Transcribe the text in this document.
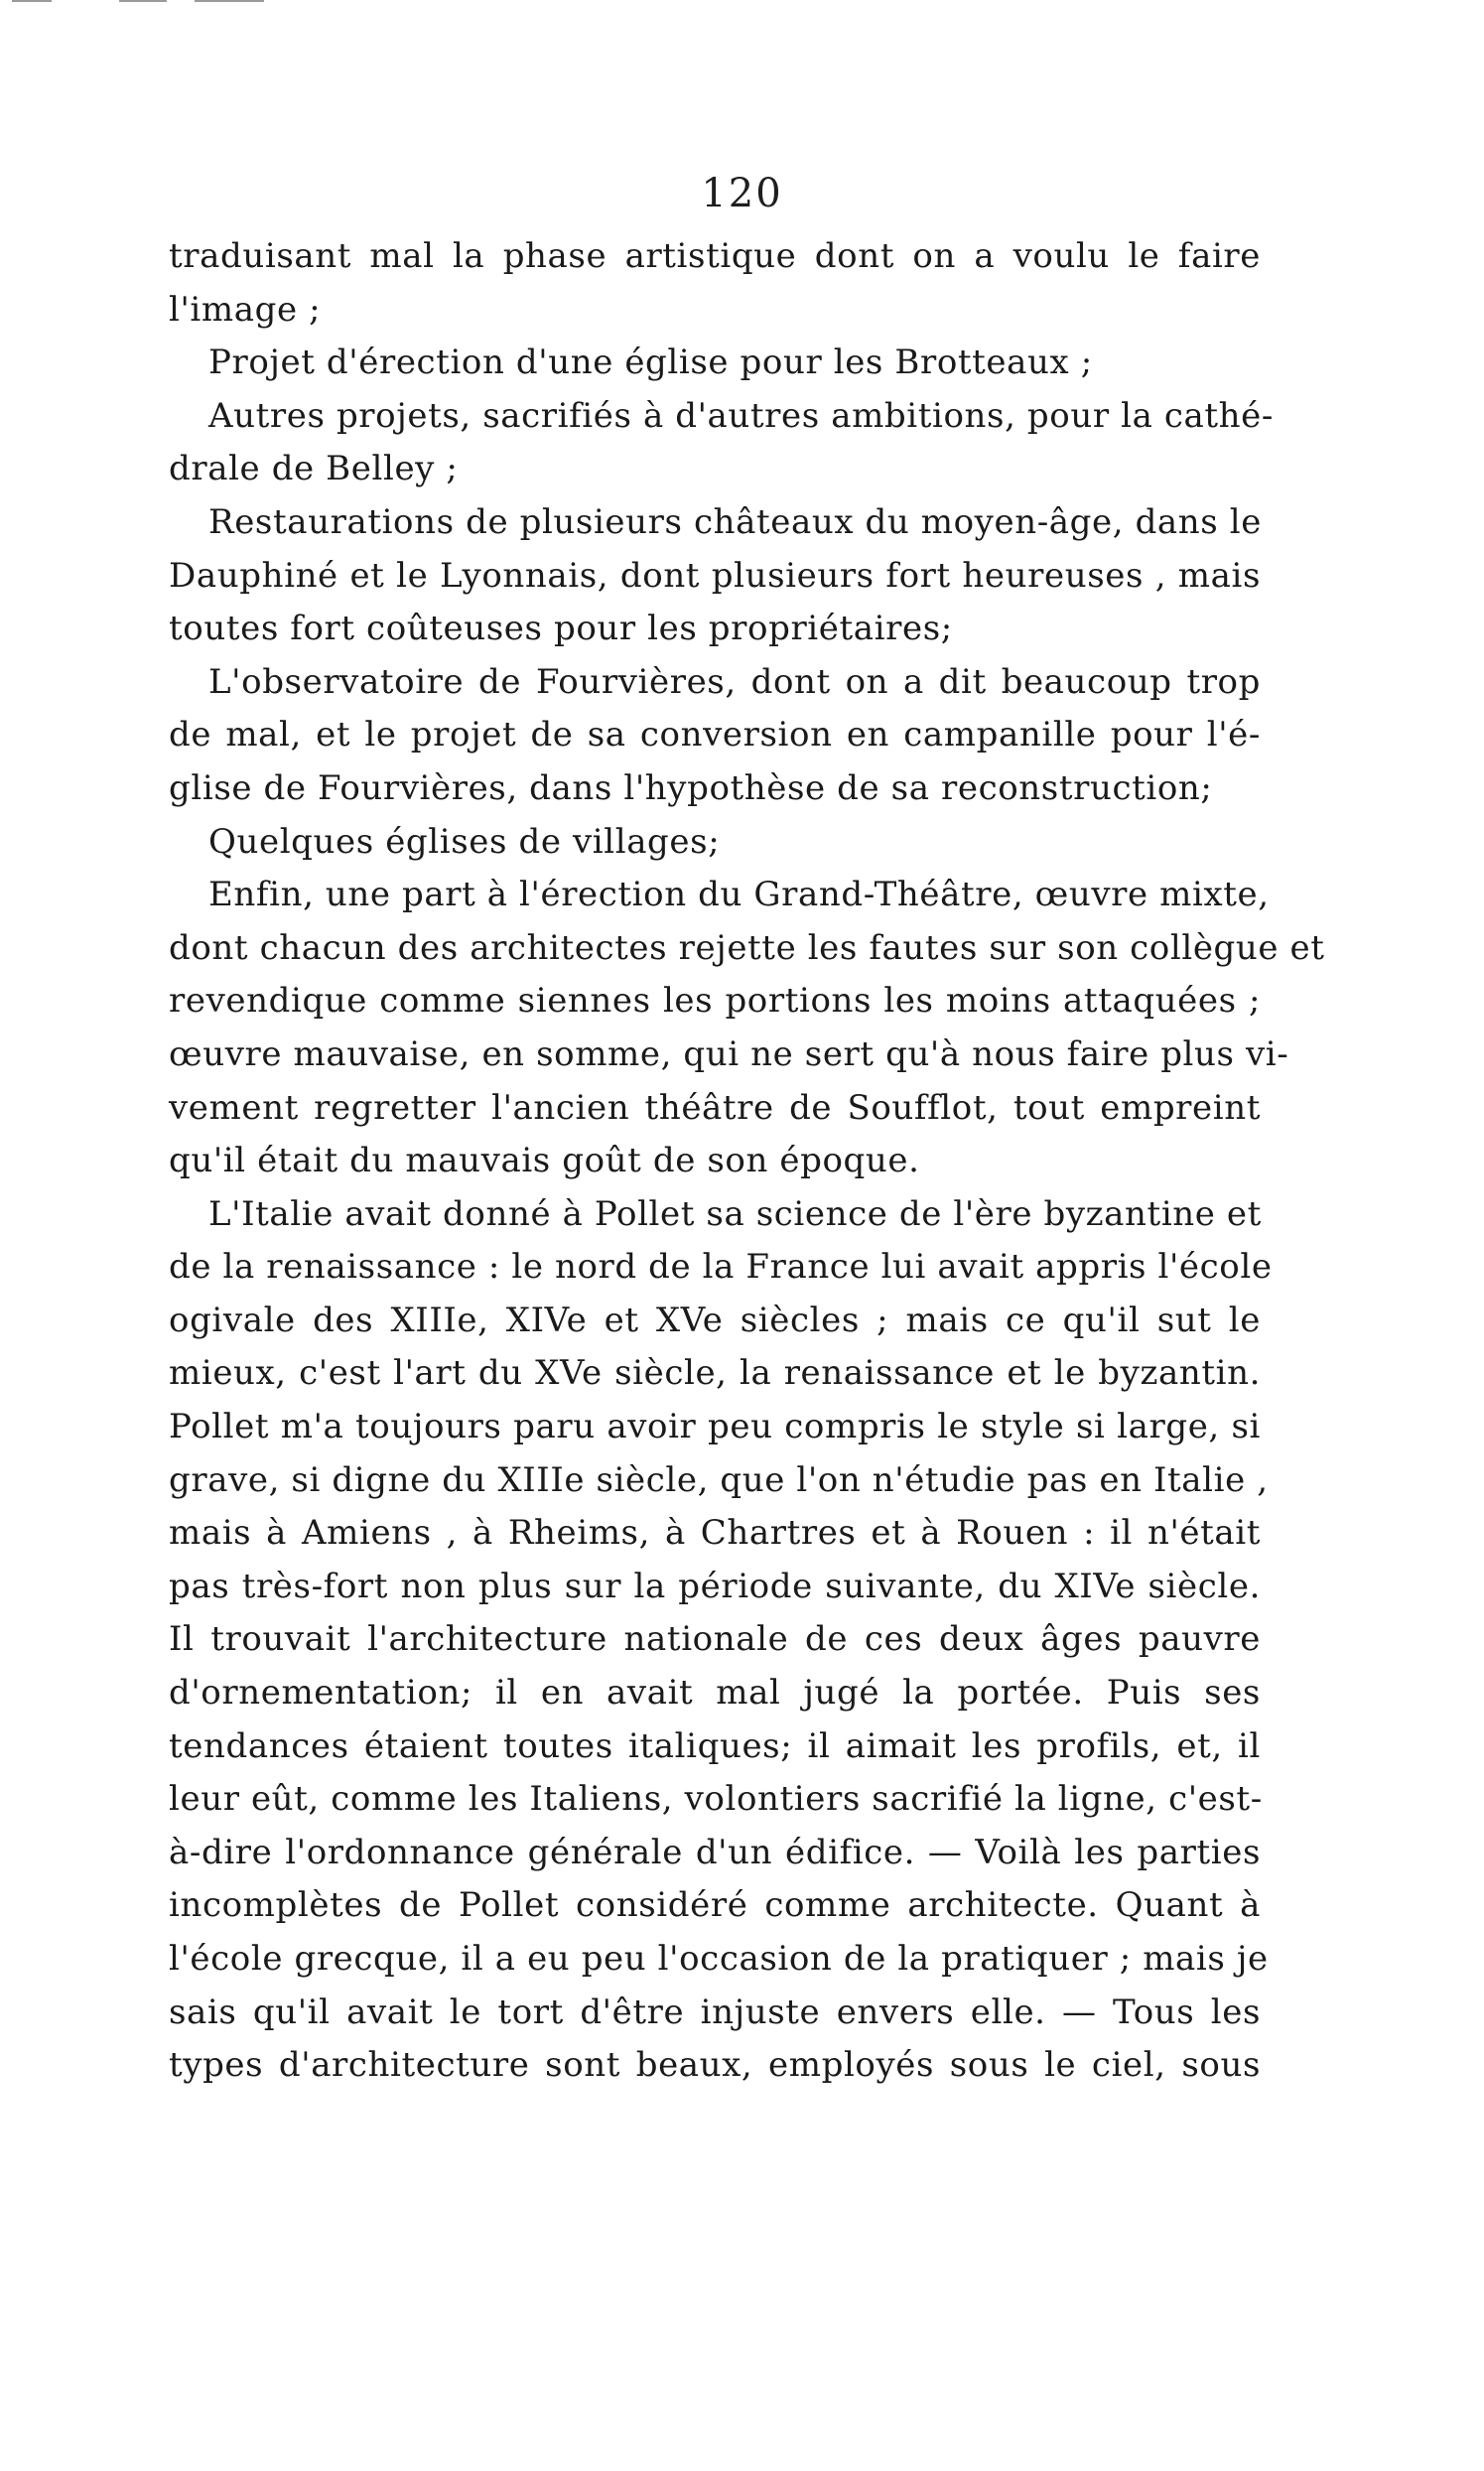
120
traduisant mal la phase artistique dont on a voulu le faire
l'image ;
Projet d'érection d'une église pour les Brotteaux ;
Autres projets, sacrifiés à d'autres ambitions, pour la cathé-
drale de Belley ;
Restaurations de plusieurs châteaux du moyen-âge, dans le
Dauphiné et le Lyonnais, dont plusieurs fort heureuses , mais
toutes fort coûteuses pour les propriétaires;
L'observatoire de Fourvières, dont on a dit beaucoup trop
de mal, et le projet de sa conversion en campanille pour l'é-
glise de Fourvières, dans l'hypothèse de sa reconstruction;
Quelques églises de villages;
Enfin, une part à l'érection du Grand-Théâtre, œuvre mixte,
dont chacun des architectes rejette les fautes sur son collègue et
revendique comme siennes les portions les moins attaquées ;
œuvre mauvaise, en somme, qui ne sert qu'à nous faire plus vi-
vement regretter l'ancien théâtre de Soufflot, tout empreint
qu'il était du mauvais goût de son époque.
L'Italie avait donné à Pollet sa science de l'ère byzantine et
de la renaissance : le nord de la France lui avait appris l'école
ogivale des XIIIe, XIVe et XVe siècles ; mais ce qu'il sut le
mieux, c'est l'art du XVe siècle, la renaissance et le byzantin.
Pollet m'a toujours paru avoir peu compris le style si large, si
grave, si digne du XIIIe siècle, que l'on n'étudie pas en Italie ,
mais à Amiens , à Rheims, à Chartres et à Rouen : il n'était
pas très-fort non plus sur la période suivante, du XIVe siècle.
Il trouvait l'architecture nationale de ces deux âges pauvre
d'ornementation; il en avait mal jugé la portée. Puis ses
tendances étaient toutes italiques; il aimait les profils, et, il
leur eût, comme les Italiens, volontiers sacrifié la ligne, c'est-
à-dire l'ordonnance générale d'un édifice. — Voilà les parties
incomplètes de Pollet considéré comme architecte. Quant à
l'école grecque, il a eu peu l'occasion de la pratiquer ; mais je
sais qu'il avait le tort d'être injuste envers elle. — Tous les
types d'architecture sont beaux, employés sous le ciel, sous
